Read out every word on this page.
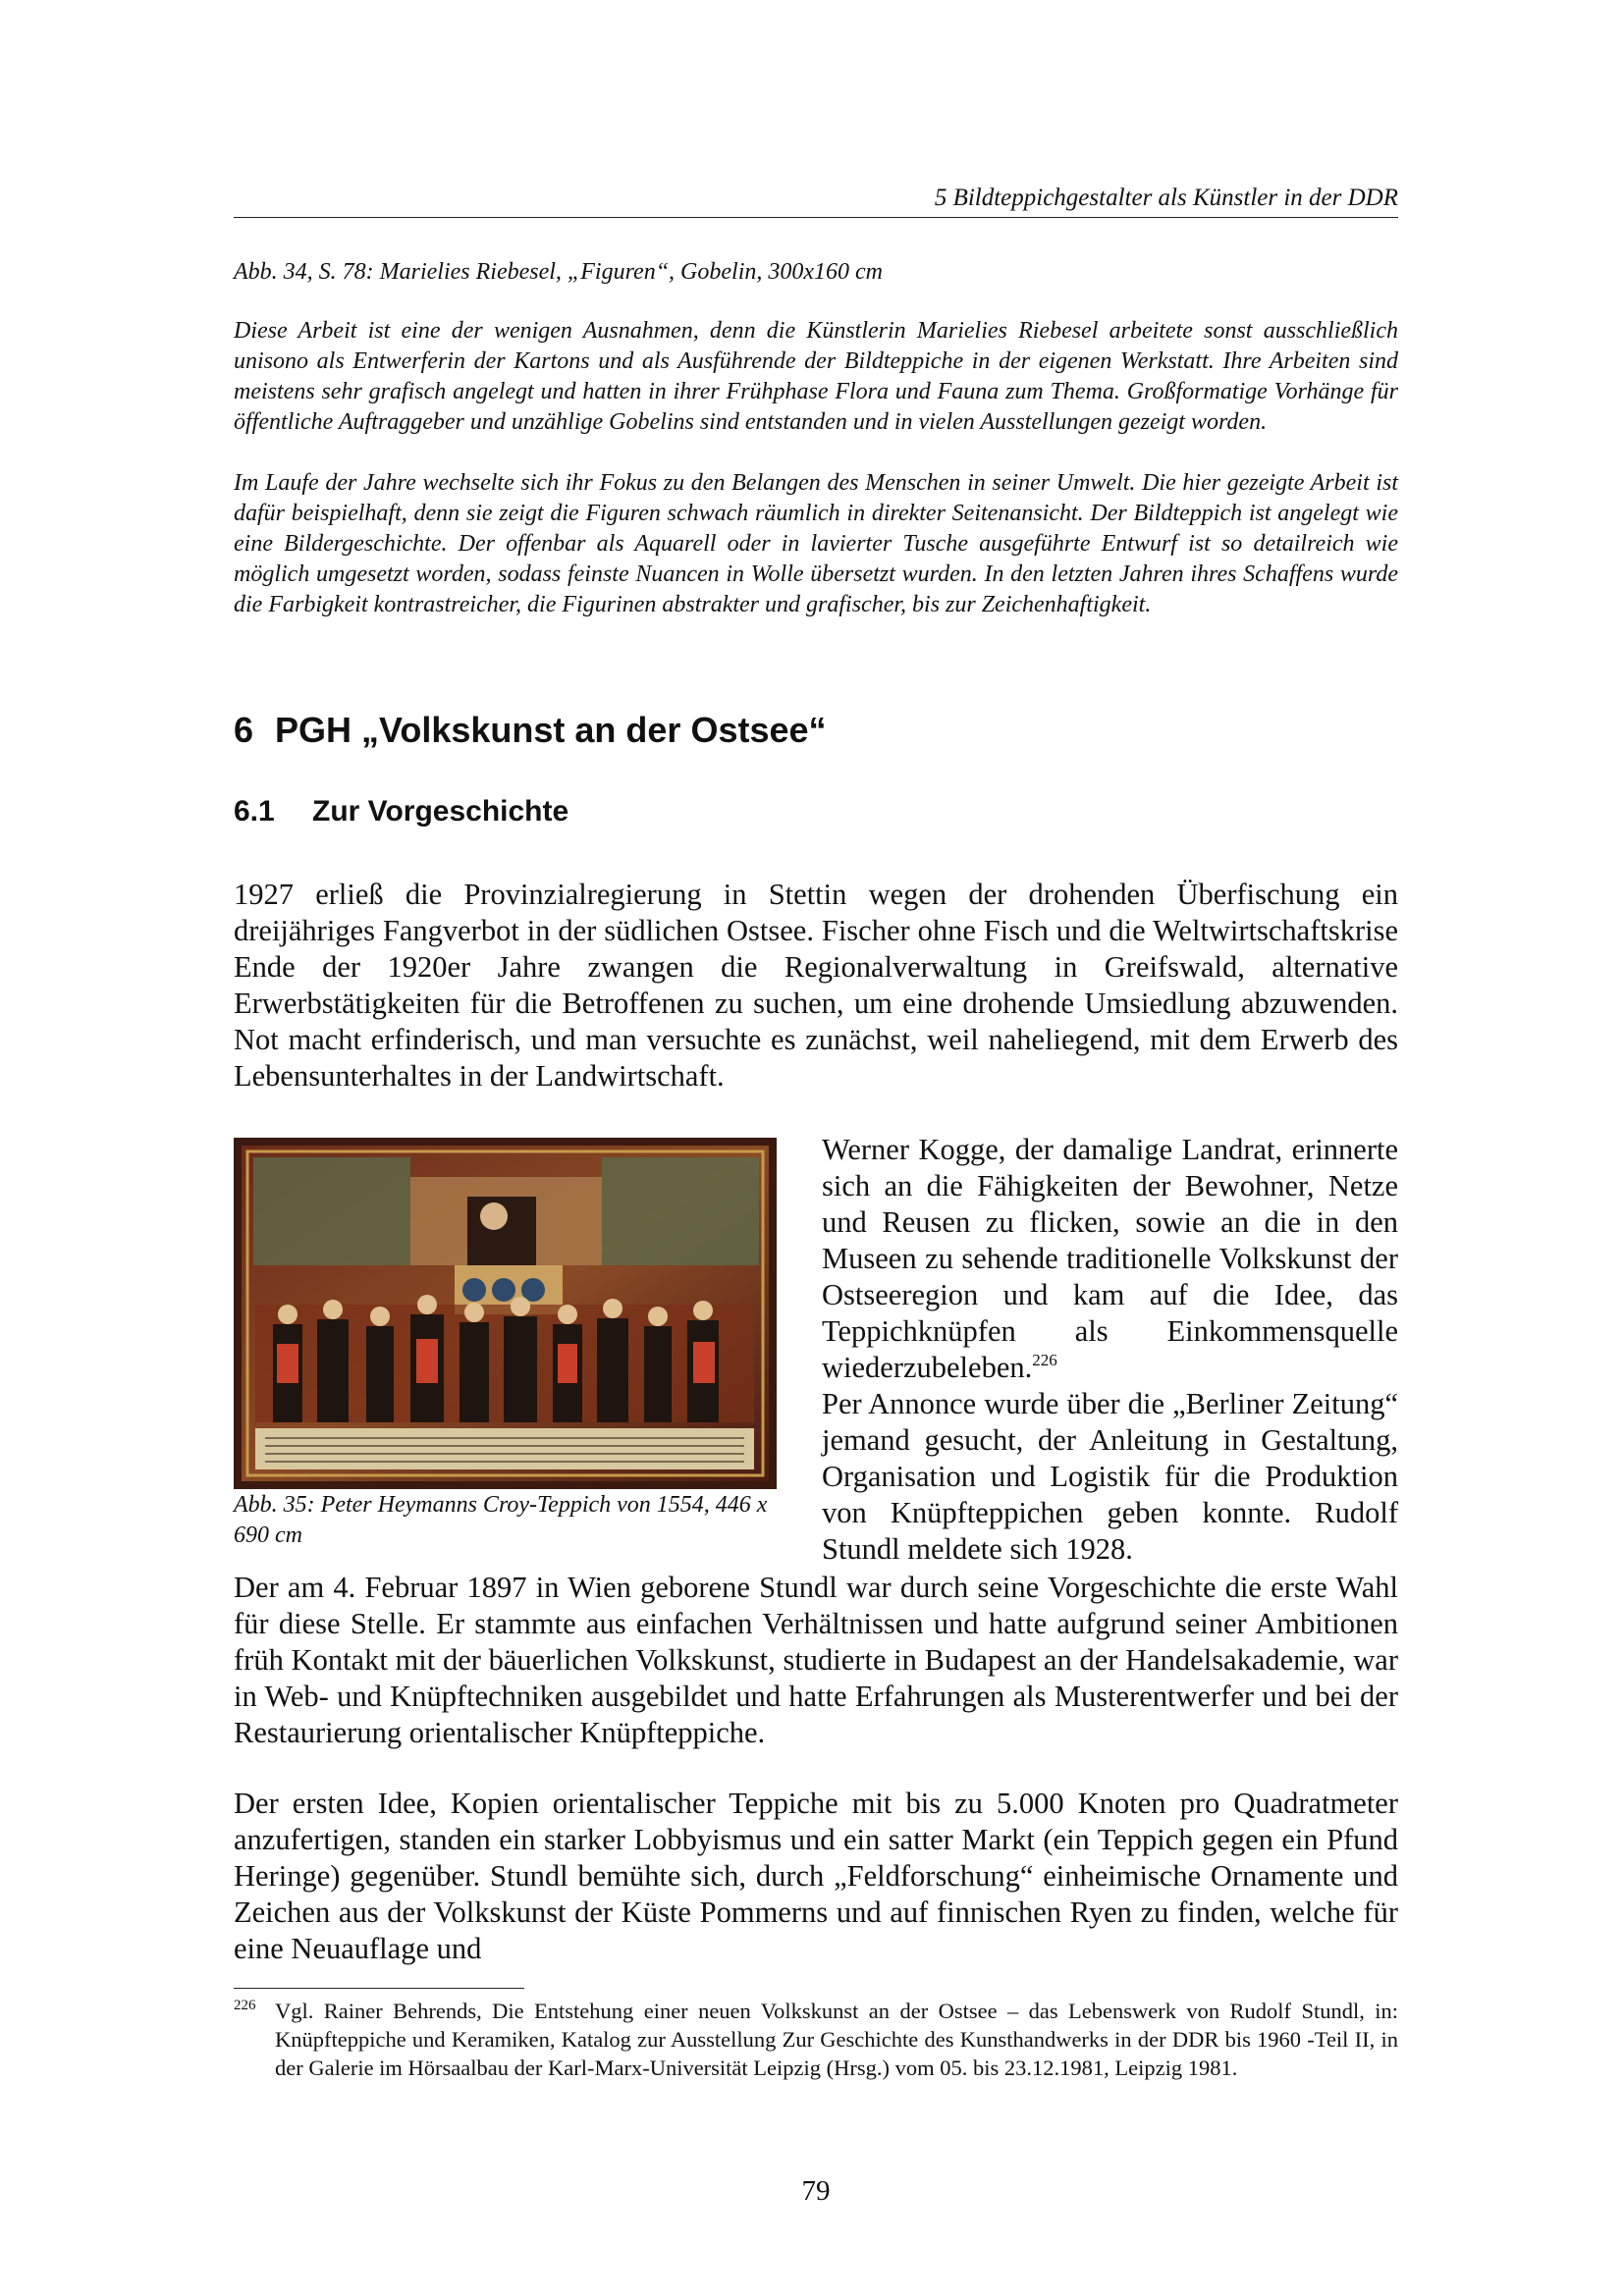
5 Bildteppichgestalter als Künstler in der DDR
Abb. 34, S. 78: Marielies Riebesel, „Figuren“, Gobelin, 300x160 cm

Diese Arbeit ist eine der wenigen Ausnahmen, denn die Künstlerin Marielies Riebesel arbeitete sonst ausschließlich unisono als Entwerferin der Kartons und als Ausführende der Bildteppiche in der eigenen Werkstatt. Ihre Arbeiten sind meistens sehr grafisch angelegt und hatten in ihrer Frühphase Flora und Fauna zum Thema. Großformatige Vorhänge für öffentliche Auftraggeber und unzählige Gobelins sind entstanden und in vielen Ausstellungen gezeigt worden.

Im Laufe der Jahre wechselte sich ihr Fokus zu den Belangen des Menschen in seiner Umwelt. Die hier gezeigte Arbeit ist dafür beispielhaft, denn sie zeigt die Figuren schwach räumlich in direkter Seitenansicht. Der Bildteppich ist angelegt wie eine Bildergeschichte. Der offenbar als Aquarell oder in lavierter Tusche ausgeführte Entwurf ist so detailreich wie möglich umgesetzt worden, sodass feinste Nuancen in Wolle übersetzt wurden. In den letzten Jahren ihres Schaffens wurde die Farbigkeit kontrastreicher, die Figurinen abstrakter und grafischer, bis zur Zeichenhaftigkeit.

6 PGH „Volkskunst an der Ostsee“
6.1 Zur Vorgeschichte

1927 erließ die Provinzialregierung in Stettin wegen der drohenden Überfischung ein dreijähriges Fangverbot in der südlichen Ostsee. Fischer ohne Fisch und die Weltwirtschaftskrise Ende der 1920er Jahre zwangen die Regionalverwaltung in Greifswald, alternative Erwerbstätigkeiten für die Betroffenen zu suchen, um eine drohende Umsiedlung abzuwenden. Not macht erfinderisch, und man versuchte es zunächst, weil naheliegend, mit dem Erwerb des Lebensunterhaltes in der Landwirtschaft.

Abb. 35: Peter Heymanns Croy-Teppich von 1554, 446 x 690 cm

Werner Kogge, der damalige Landrat, erinnerte sich an die Fähigkeiten der Bewohner, Netze und Reusen zu flicken, sowie an die in den Museen zu sehende traditionelle Volkskunst der Ostseeregion und kam auf die Idee, das Teppichknüpfen als Einkommensquelle wiederzubeleben.$^{226}$
Per Annonce wurde über die „Berliner Zeitung“ jemand gesucht, der Anleitung in Gestaltung, Organisation und Logistik für die Produktion von Knüpfteppichen geben konnte. Rudolf Stundl meldete sich 1928.

Der am 4. Februar 1897 in Wien geborene Stundl war durch seine Vorgeschichte die erste Wahl für diese Stelle. Er stammte aus einfachen Verhältnissen und hatte aufgrund seiner Ambitionen früh Kontakt mit der bäuerlichen Volkskunst, studierte in Budapest an der Handelsakademie, war in Web- und Knüpftechniken ausgebildet und hatte Erfahrungen als Musterentwerfer und bei der Restaurierung orientalischer Knüpfteppiche.

Der ersten Idee, Kopien orientalischer Teppiche mit bis zu 5.000 Knoten pro Quadratmeter anzufertigen, standen ein starker Lobbyismus und ein satter Markt (ein Teppich gegen ein Pfund Heringe) gegenüber. Stundl bemühte sich, durch „Feldforschung“ einheimische Ornamente und Zeichen aus der Volkskunst der Küste Pommerns und auf finnischen Ryen zu finden, welche für eine Neuauflage und

226 Vgl. Rainer Behrends, Die Entstehung einer neuen Volkskunst an der Ostsee – das Lebenswerk von Rudolf Stundl, in: Knüpfteppiche und Keramiken, Katalog zur Ausstellung Zur Geschichte des Kunsthandwerks in der DDR bis 1960 -Teil II, in der Galerie im Hörsaalbau der Karl-Marx-Universität Leipzig (Hrsg.) vom 05. bis 23.12.1981, Leipzig 1981.
79
